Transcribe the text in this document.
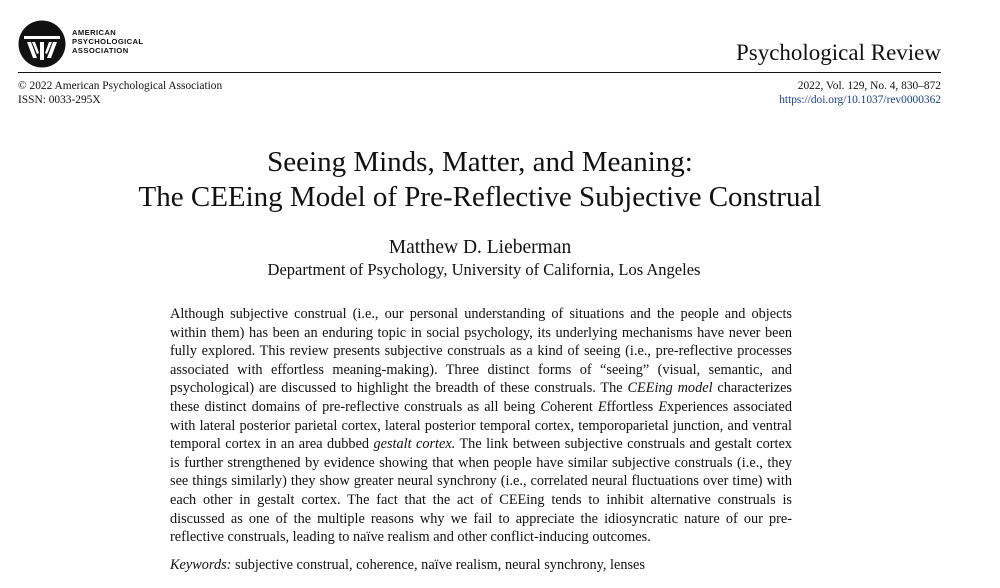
AMERICAN
PSYCHOLOGICAL
ASSOCIATION	Psychological Review
© 2022 American Psychological Association
ISSN: 0033-295X
2022, Vol. 129, No. 4, 830–872
https://doi.org/10.1037/rev0000362
Seeing Minds, Matter, and Meaning:
The CEEing Model of Pre-Reflective Subjective Construal
Matthew D. Lieberman
Department of Psychology, University of California, Los Angeles
Although subjective construal (i.e., our personal understanding of situations and the people and objects within them) has been an enduring topic in social psychology, its underlying mechanisms have never been fully explored. This review presents subjective construals as a kind of seeing (i.e., pre-reflective processes associated with effortless meaning-making). Three distinct forms of “seeing” (visual, semantic, and psychological) are discussed to highlight the breadth of these construals. The CEEing model characterizes these distinct domains of pre-reflective construals as all being Coherent Effortless Experiences associated with lateral posterior parietal cortex, lateral posterior temporal cortex, temporoparietal junction, and ventral temporal cortex in an area dubbed gestalt cortex. The link between subjective construals and gestalt cortex is further strengthened by evidence showing that when people have similar subjective construals (i.e., they see things similarly) they show greater neural synchrony (i.e., correlated neural fluctuations over time) with each other in gestalt cortex. The fact that the act of CEEing tends to inhibit alternative construals is discussed as one of the multiple reasons why we fail to appreciate the idiosyncratic nature of our pre-reflective construals, leading to naïve realism and other conflict-inducing outcomes.
Keywords: subjective construal, coherence, naïve realism, neural synchrony, lenses
